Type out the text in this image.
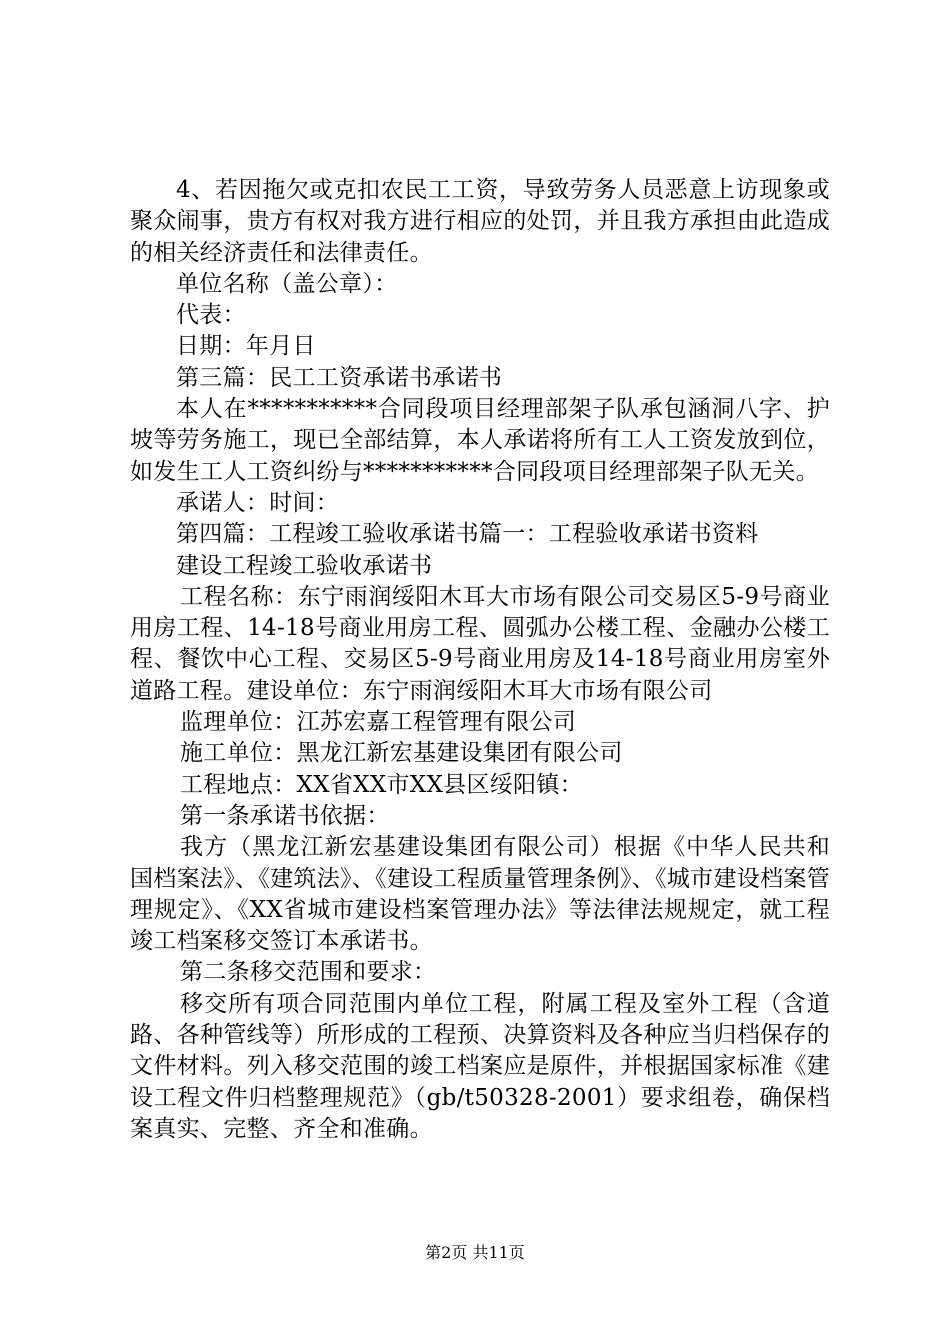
4、若因拖欠或克扣农民工工资，导致劳务人员恶意上访现象或聚众闹事，贵方有权对我方进行相应的处罚，并且我方承担由此造成的相关经济责任和法律责任。

单位名称（盖公章）：

代表：

日期：年月日

第三篇：民工工资承诺书承诺书

本人在***********合同段项目经理部架子队承包涵洞八字、护坡等劳务施工，现已全部结算，本人承诺将所有工人工资发放到位，如发生工人工资纠纷与***********合同段项目经理部架子队无关。

承诺人：时间：

第四篇：工程竣工验收承诺书篇一：工程验收承诺书资料

建设工程竣工验收承诺书

工程名称：东宁雨润绥阳木耳大市场有限公司交易区5-9号商业用房工程、14-18号商业用房工程、圆弧办公楼工程、金融办公楼工程、餐饮中心工程、交易区5-9号商业用房及14-18号商业用房室外道路工程。建设单位：东宁雨润绥阳木耳大市场有限公司

监理单位：江苏宏嘉工程管理有限公司

施工单位：黑龙江新宏基建设集团有限公司

工程地点：XX省XX市XX县区绥阳镇：

第一条承诺书依据：

我方（黑龙江新宏基建设集团有限公司）根据《中华人民共和国档案法》、《建筑法》、《建设工程质量管理条例》、《城市建设档案管理规定》、《XX省城市建设档案管理办法》等法律法规规定，就工程竣工档案移交签订本承诺书。

第二条移交范围和要求：

移交所有项合同范围内单位工程，附属工程及室外工程（含道路、各种管线等）所形成的工程预、决算资料及各种应当归档保存的文件材料。列入移交范围的竣工档案应是原件，并根据国家标准《建设工程文件归档整理规范》（gb/t50328-2001）要求组卷，确保档案真实、完整、齐全和准确。

第2页 共11页
